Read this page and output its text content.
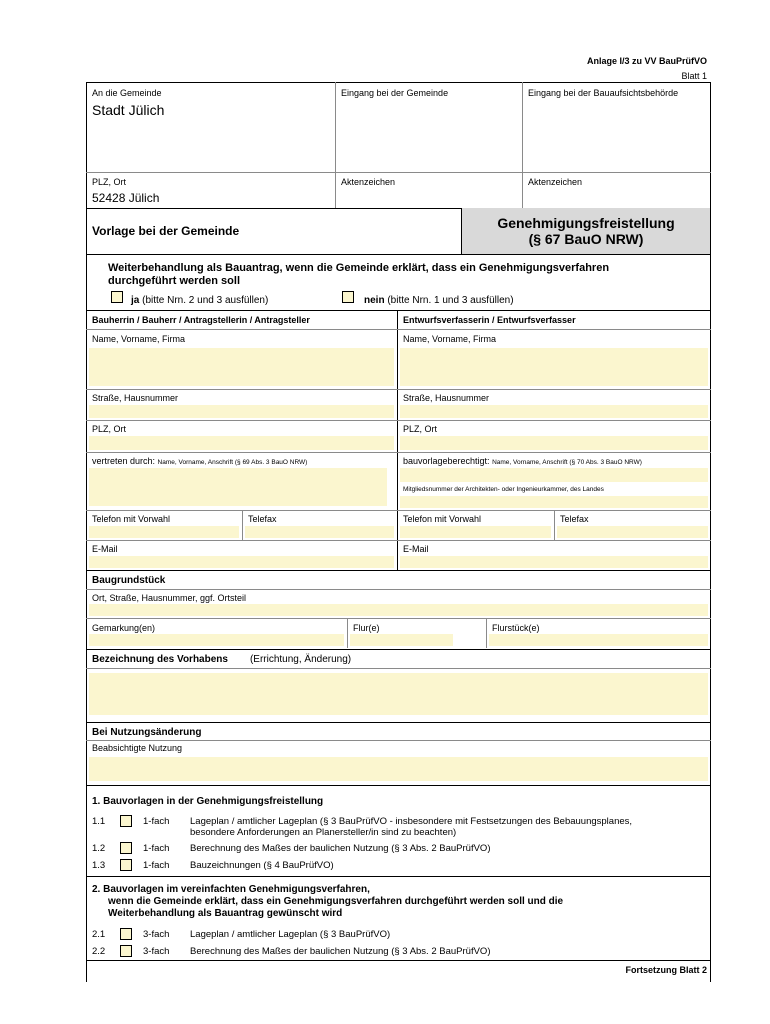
Anlage I/3 zu VV BauPrüfVO
Blatt 1
An die Gemeinde
Stadt Jülich
Eingang bei der Gemeinde	Eingang bei der Bauaufsichtsbehörde
PLZ, Ort
52428 Jülich
Aktenzeichen	Aktenzeichen
Vorlage bei der Gemeinde	Genehmigungsfreistellung
(§ 67 BauO NRW)
Weiterbehandlung als Bauantrag, wenn die Gemeinde erklärt, dass ein Genehmigungsverfahren
durchgeführt werden soll
ja (bitte Nrn. 2 und 3 ausfüllen)	nein (bitte Nrn. 1 und 3 ausfüllen)
Bauherrin / Bauherr / Antragstellerin / Antragsteller	Entwurfsverfasserin / Entwurfsverfasser
Name, Vorname, Firma	Name, Vorname, Firma
Straße, Hausnummer	Straße, Hausnummer
PLZ, Ort	PLZ, Ort
vertreten durch: Name, Vorname, Anschrift (§ 69 Abs. 3 BauO NRW)	bauvorlageberechtigt: Name, Vorname, Anschrift (§ 70 Abs. 3 BauO NRW)
Mitgliedsnummer der Architekten- oder Ingenieurkammer, des Landes
Telefon mit Vorwahl	Telefax	Telefon mit Vorwahl	Telefax
E-Mail	E-Mail
Baugrundstück
Ort, Straße, Hausnummer, ggf. Ortsteil
Gemarkung(en)	Flur(e)	Flurstück(e)
Bezeichnung des Vorhabens (Errichtung, Änderung)
Bei Nutzungsänderung
Beabsichtigte Nutzung
1. Bauvorlagen in der Genehmigungsfreistellung
1.1	1-fach Lageplan / amtlicher Lageplan (§ 3 BauPrüfVO - insbesondere mit Festsetzungen des Bebauungsplanes,
besondere Anforderungen an Planersteller/in sind zu beachten)
1.2	1-fach Berechnung des Maßes der baulichen Nutzung (§ 3 Abs. 2 BauPrüfVO)
1.3	1-fach Bauzeichnungen (§ 4 BauPrüfVO)
2. Bauvorlagen im vereinfachten Genehmigungsverfahren,
wenn die Gemeinde erklärt, dass ein Genehmigungsverfahren durchgeführt werden soll und die
Weiterbehandlung als Bauantrag gewünscht wird
2.1	3-fach Lageplan / amtlicher Lageplan (§ 3 BauPrüfVO)
2.2	3-fach Berechnung des Maßes der baulichen Nutzung (§ 3 Abs. 2 BauPrüfVO)
Fortsetzung Blatt 2
